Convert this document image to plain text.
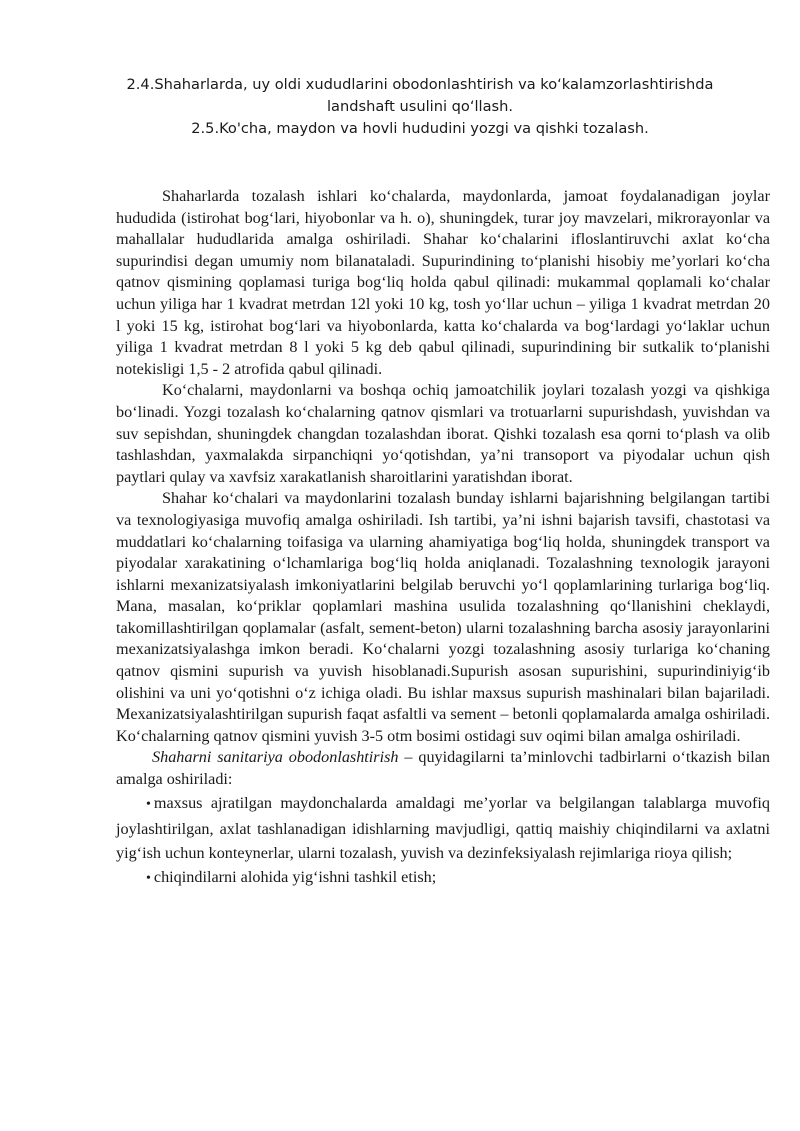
2.4.Shaharlarda, uy oldi xududlarini obodonlashtirish va ko‘kalamzorlashtirishda
landshaft usulini qo‘llash.
2.5.Ko'cha, maydon va hovli hududini yozgi va qishki tozalash.

Shaharlarda tozalash ishlari ko‘chalarda, maydonlarda, jamoat foydalanadigan joylar hududida (istirohat bog‘lari, hiyobonlar va h. o), shuningdek, turar joy mavzelari, mikrorayonlar va mahallalar hududlarida amalga oshiriladi. Shahar ko‘chalarini ifloslantiruvchi axlat ko‘cha supurindisi degan umumiy nom bilanataladi. Supurindining to‘planishi hisobiy me’yorlari ko‘cha qatnov qismining qoplamasi turiga bog‘liq holda qabul qilinadi: mukammal qoplamali ko‘chalar uchun yiliga har 1 kvadrat metrdan 12l yoki 10 kg, tosh yo‘llar uchun – yiliga 1 kvadrat metrdan 20 l yoki 15 kg, istirohat bog‘lari va hiyobonlarda, katta ko‘chalarda va bog‘lardagi yo‘laklar uchun yiliga 1 kvadrat metrdan 8 l yoki 5 kg deb qabul qilinadi, supurindining bir sutkalik to‘planishi notekisligi 1,5 - 2 atrofida qabul qilinadi.

Ko‘chalarni, maydonlarni va boshqa ochiq jamoatchilik joylari tozalash yozgi va qishkiga bo‘linadi. Yozgi tozalash ko‘chalarning qatnov qismlari va trotuarlarni supurishdash, yuvishdan va suv sepishdan, shuningdek changdan tozalashdan iborat. Qishki tozalash esa qorni to‘plash va olib tashlashdan, yaxmalakda sirpanchiqni yo‘qotishdan, ya’ni transoport va piyodalar uchun qish paytlari qulay va xavfsiz xarakatlanish sharoitlarini yaratishdan iborat.

Shahar ko‘chalari va maydonlarini tozalash bunday ishlarni bajarishning belgilangan tartibi va texnologiyasiga muvofiq amalga oshiriladi. Ish tartibi, ya’ni ishni bajarish tavsifi, chastotasi va muddatlari ko‘chalarning toifasiga va ularning ahamiyatiga bog‘liq holda, shuningdek transport va piyodalar xarakatining o‘lchamlariga bog‘liq holda aniqlanadi. Tozalashning texnologik jarayoni ishlarni mexanizatsiyalash imkoniyatlarini belgilab beruvchi yo‘l qoplamlarining turlariga bog‘liq. Mana, masalan, ko‘priklar qoplamlari mashina usulida tozalashning qo‘llanishini cheklaydi, takomillashtirilgan qoplamalar (asfalt, sement-beton) ularni tozalashning barcha asosiy jarayonlarini mexanizatsiyalashga imkon beradi. Ko‘chalarni yozgi tozalashning asosiy turlariga ko‘chaning qatnov qismini supurish va yuvish hisoblanadi.Supurish asosan supurishini, supurindiniyig‘ib olishini va uni yo‘qotishni o‘z ichiga oladi. Bu ishlar maxsus supurish mashinalari bilan bajariladi. Mexanizatsiyalashtirilgan supurish faqat asfaltli va sement – betonli qoplamalarda amalga oshiriladi. Ko‘chalarning qatnov qismini yuvish 3-5 otm bosimi ostidagi suv oqimi bilan amalga oshiriladi.

Shaharni sanitariya obodonlashtirish – quyidagilarni ta’minlovchi tadbirlarni o‘tkazish bilan amalga oshiriladi:

• maxsus ajratilgan maydonchalarda amaldagi me’yorlar va belgilangan talablarga muvofiq joylashtirilgan, axlat tashlanadigan idishlarning mavjudligi, qattiq maishiy chiqindilarni va axlatni yig‘ish uchun konteynerlar, ularni tozalash, yuvish va dezinfeksiyalash rejimlariga rioya qilish;
• chiqindilarni alohida yig‘ishni tashkil etish;
